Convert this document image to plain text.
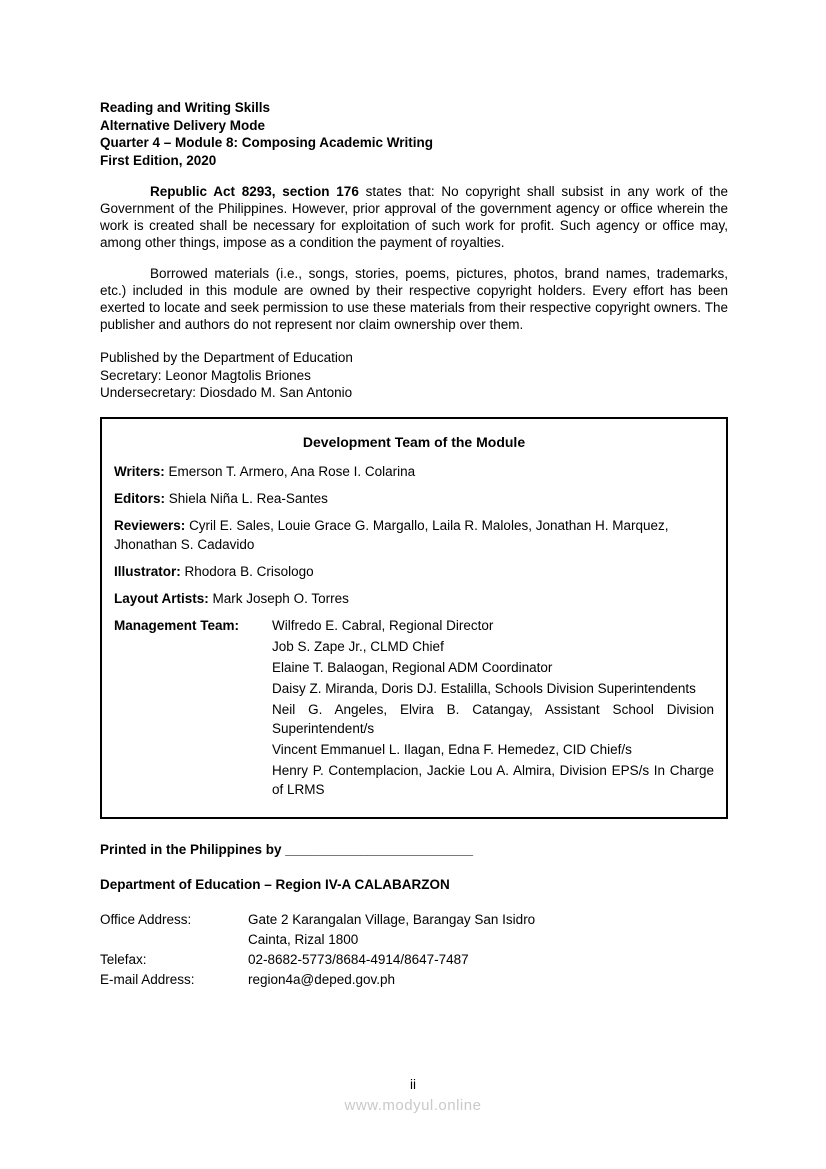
Reading and Writing Skills
Alternative Delivery Mode
Quarter 4 – Module 8: Composing Academic Writing
First Edition, 2020

Republic Act 8293, section 176 states that: No copyright shall subsist in any work of the Government of the Philippines. However, prior approval of the government agency or office wherein the work is created shall be necessary for exploitation of such work for profit. Such agency or office may, among other things, impose as a condition the payment of royalties.

Borrowed materials (i.e., songs, stories, poems, pictures, photos, brand names, trademarks, etc.) included in this module are owned by their respective copyright holders. Every effort has been exerted to locate and seek permission to use these materials from their respective copyright owners. The publisher and authors do not represent nor claim ownership over them.

Published by the Department of Education
Secretary: Leonor Magtolis Briones
Undersecretary: Diosdado M. San Antonio
Development Team of the Module

Writers: Emerson T. Armero, Ana Rose I. Colarina

Editors: Shiela Niña L. Rea-Santes

Reviewers: Cyril E. Sales, Louie Grace G. Margallo, Laila R. Maloles, Jonathan H. Marquez, Jhonathan S. Cadavido

Illustrator: Rhodora B. Crisologo

Layout Artists: Mark Joseph O. Torres

Management Team:	Wilfredo E. Cabral, Regional Director

Job S. Zape Jr., CLMD Chief

Elaine T. Balaogan, Regional ADM Coordinator

Daisy Z. Miranda, Doris DJ. Estalilla, Schools Division Superintendents

Neil G. Angeles, Elvira B. Catangay, Assistant School Division Superintendent/s

Vincent Emmanuel L. Ilagan, Edna F. Hemedez, CID Chief/s

Henry P. Contemplacion, Jackie Lou A. Almira, Division EPS/s In Charge of LRMS

Printed in the Philippines by _________________________

Department of Education – Region IV-A CALABARZON

Office Address:	Gate 2 Karangalan Village, Barangay San Isidro
Cainta, Rizal 1800
Telefax:	02-8682-5773/8684-4914/8647-7487
E-mail Address:	region4a@deped.gov.ph
ii
www.modyul.online
